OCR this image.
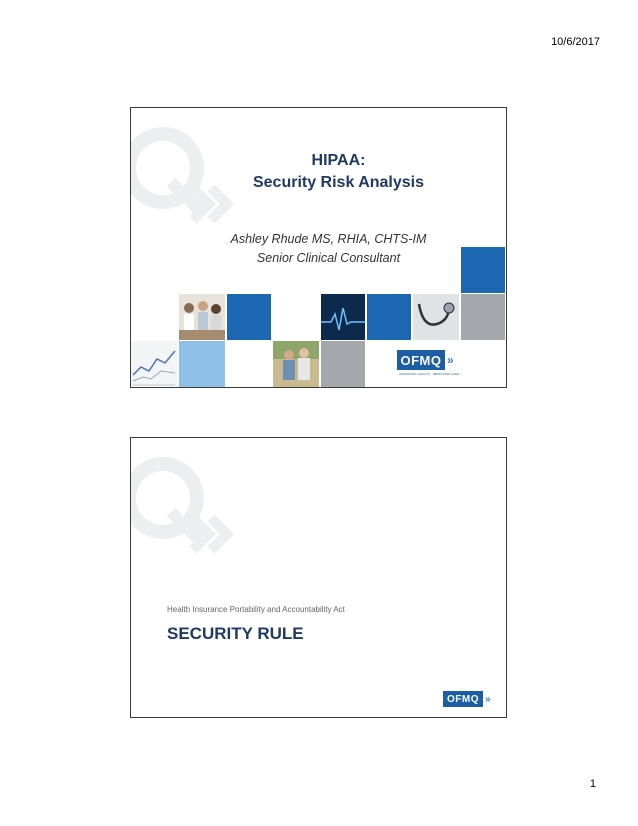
10/6/2017
HIPAA:
Security Risk Analysis
Ashley Rhude MS, RHIA, CHTS-IM
Senior Clinical Consultant
OFMQ »
ADVANCING QUALITY · IMPROVING LIVES
Health Insurance Portability and Accountability Act
SECURITY RULE
OFMQ »
1
